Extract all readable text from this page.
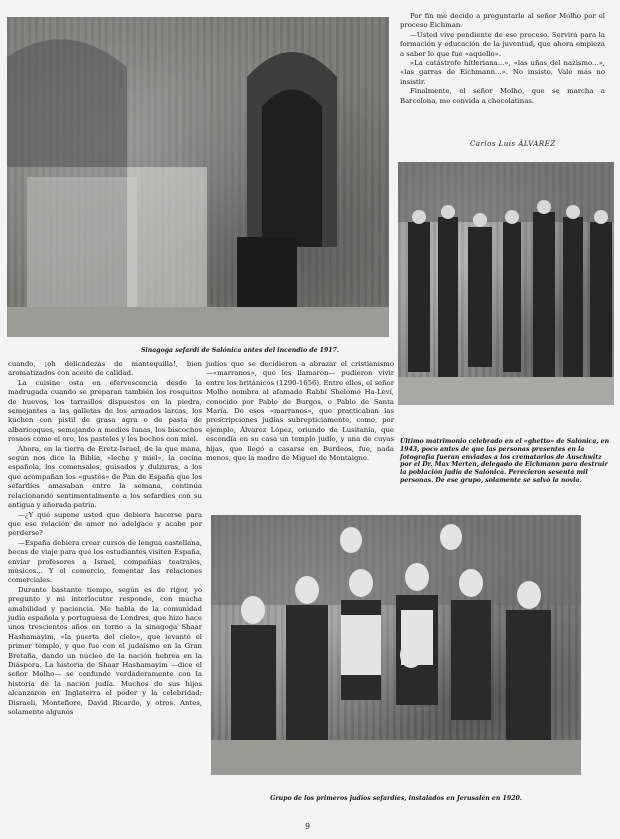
Sinagoga sefardí de Salónica antes del incendio de 1917.

Por fin me decido a preguntarle al señor Molho por el proceso Eichman.

—Usted vive pendiente de ese proceso. Servirá para la formación y educación de la juventud, que ahora empieza a saber lo que fue «aquello».

«La catástrofe hitleriana...», «las uñas del nazismo...», «las garras de Eichmann...». No insisto. Vale más no insistir.

Finalmente, el señor Molho, que se marcha a Barcelona, me convida a chocolatinas.

Carlos Luis ÁLVAREZ
Último matrimonio celebrado en el «ghetto» de Salónica, en 1943, poco antes de que las personas presentes en la fotografía fueran enviadas a los crematorios de Auschwitz por el Dr. Max Merten, delegado de Eichmann para destruir la población judía de Salónica. Perecieron sesenta mil personas. De ese grupo, solamente se salvó la novia.

cuando, ¡oh delicadezas de mantequilla!, bien aromatizados con aceite de calidad.

La cuisine osta en efervescencia desde la madrugada cuando se preparan también los rosquitos de huevos, los tarraillos dispuestos en la piedra, semejantes a las galletas de los armados larcas, los kuchen con pistil de grasa agra o de pasta de albaricoques, semejando a medios lunas, los biscochos rosaos como el oro, los pasteles y los bochos con miel.

Ahora, en la tierra de Eretz-Israel, de la que mana, según nos dice la Biblia, «leche y miel», la cocina española, los comensales, guisados y dulzuras, a los que acompañan los «gustos» de Pan de España que los sefardíes amasaban entre la semana, continúa relacionando sentimentalmente a los sefardíes con su antigua y añorada patria.

—¿Y qué supone usted que debiera hacerse para que ese relación de amor no adelgace y acabe por perderse?

—España debiera crear cursos de lengua castellana, becas de viaje para que los estudiantes visiten España, enviar profesores a Israel, compañías teatrales, músicos... Y el comercio, fomentar las relaciones comerciales.

Durante bastante tiempo, según es de rigor, yo pregunto y mi interlocutor responde, con mucha amabilidad y paciencia. Me habla de la comunidad judía española y portuguesa de Londres, que hizo hace unos trescientos años en torno a la sinagoga Shaar Hashamayim, «la puerta del cielo», que levantó el primer templo, y que fue con el judaísmo en la Gran Bretaña, dando un núcleo de la nación hebrea en la Diáspora. La historia de Shaar Hashamayim —dice el señor Molho— se confunde verdaderamente con la historia de la nación judía. Muchos de sus hijos alcanzaron en Inglaterra el poder y la celebridad; Disraeli, Montefiore, David Ricardo, y otros. Antes, solamente algunos

judíos que se decidieron a abrazar el cristianismo —«marranos», que les llamaron— pudieron vivir entre los británicos (1290-1656). Entre ellos, el señor Molho nombra al afamado Rabbí Shelomó Ha-Leví, conocido por Pablo de Burgos, o Pablo de Santa María. De esos «marranos», que practicaban las prescripciones judías subrepticiamente, como, por ejemplo, Álvarez López, oriundo de Lusitania, que escondía en su casa un templo judío, y una de cuyas hijas, que llegó a casarse en Burdeos, fue, nada menos, que la madre de Miguel de Montaigne.

Grupo de los primeros judíos sefardíes, instalados en Jerusalén en 1920.
9
